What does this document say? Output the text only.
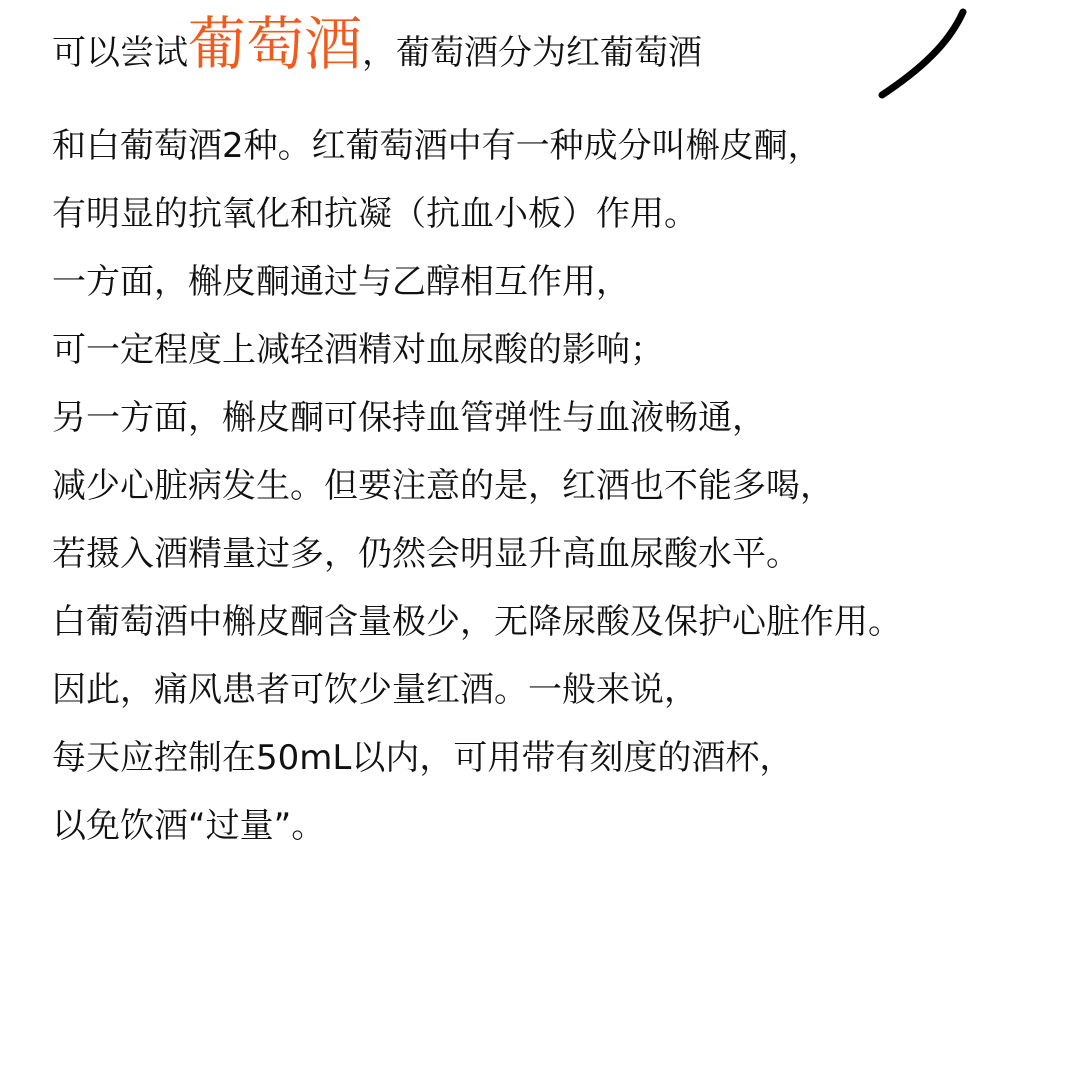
可以尝试葡萄酒，葡萄酒分为红葡萄酒
和白葡萄酒2种。红葡萄酒中有一种成分叫槲皮酮，
有明显的抗氧化和抗凝（抗血小板）作用。
一方面，槲皮酮通过与乙醇相互作用，
可一定程度上减轻酒精对血尿酸的影响；
另一方面，槲皮酮可保持血管弹性与血液畅通，
减少心脏病发生。但要注意的是，红酒也不能多喝，
若摄入酒精量过多，仍然会明显升高血尿酸水平。
白葡萄酒中槲皮酮含量极少，无降尿酸及保护心脏作用。
因此，痛风患者可饮少量红酒。一般来说，
每天应控制在50mL以内，可用带有刻度的酒杯，
以免饮酒“过量”。
